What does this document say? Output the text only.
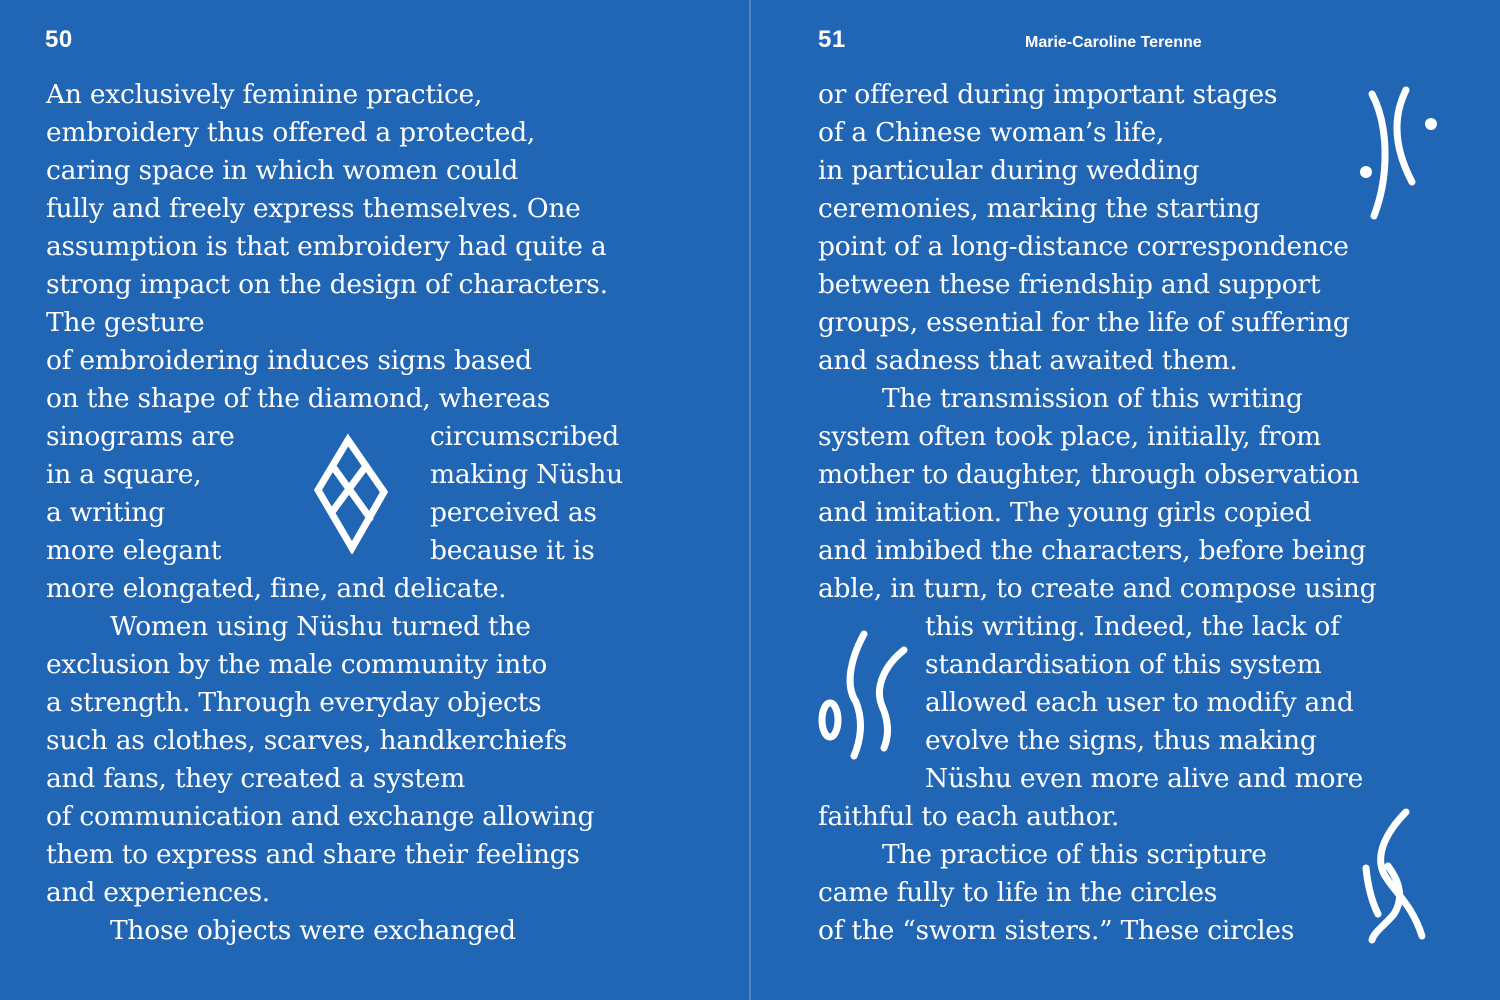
50
An exclusively feminine practice,
embroidery thus offered a protected,
caring space in which women could
fully and freely express themselves. One
assumption is that embroidery had quite a
strong impact on the design of characters.
The gesture
of embroidering induces signs based
on the shape of the diamond, whereas
sinograms are	circumscribed
in a square,	making Nüshu
a writing	perceived as
more elegant	because it is
more elongated, fine, and delicate.
Women using Nüshu turned the
exclusion by the male community into
a strength. Through everyday objects
such as clothes, scarves, handkerchiefs
and fans, they created a system
of communication and exchange allowing
them to express and share their feelings
and experiences.
Those objects were exchanged
51	Marie-Caroline Terenne
or offered during important stages
of a Chinese woman’s life,
in particular during wedding
ceremonies, marking the starting
point of a long-distance correspondence
between these friendship and support
groups, essential for the life of suffering
and sadness that awaited them.
The transmission of this writing
system often took place, initially, from
mother to daughter, through observation
and imitation. The young girls copied
and imbibed the characters, before being
able, in turn, to create and compose using
this writing. Indeed, the lack of
standardisation of this system
allowed each user to modify and
evolve the signs, thus making
Nüshu even more alive and more
faithful to each author.
The practice of this scripture
came fully to life in the circles
of the “sworn sisters.” These circles
